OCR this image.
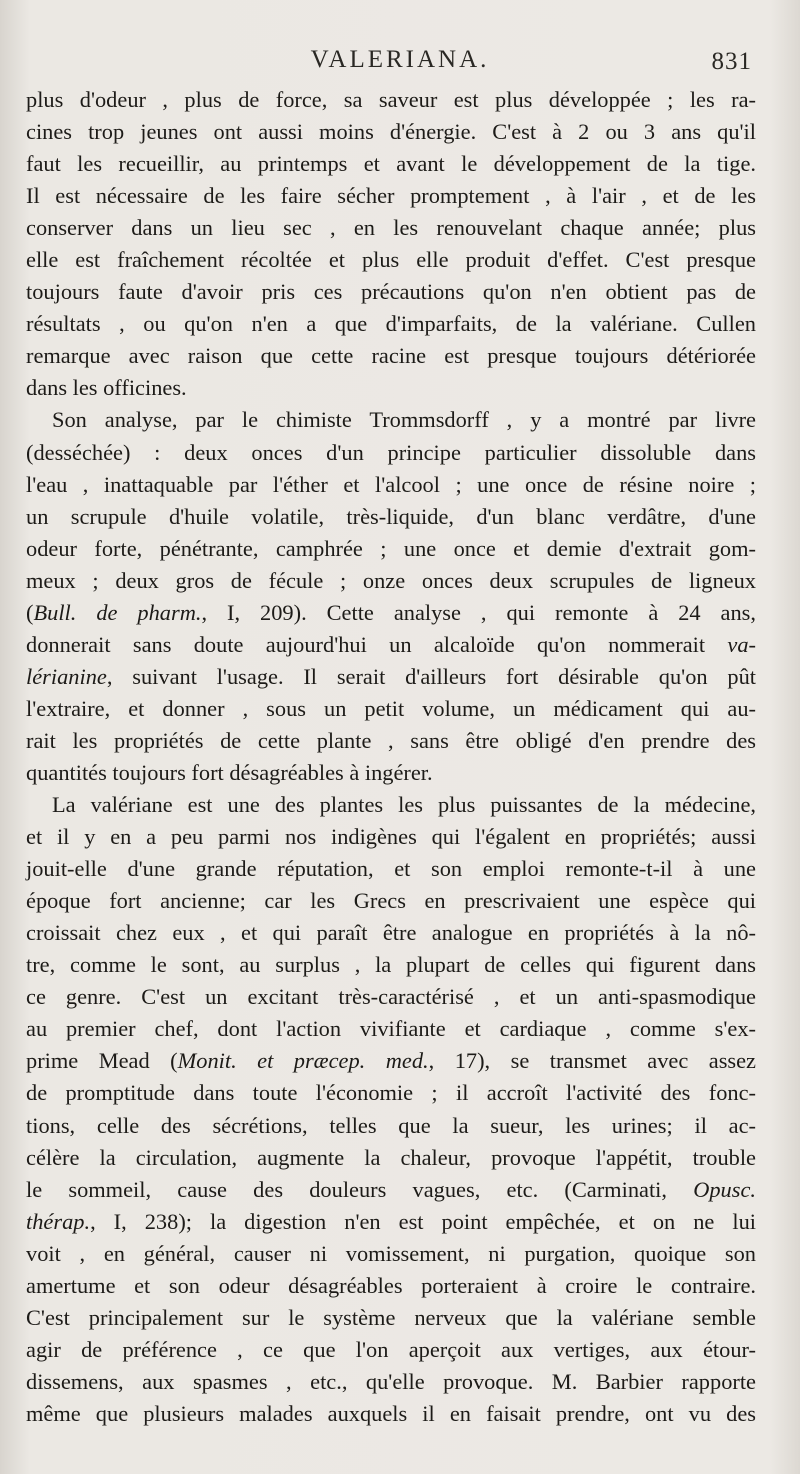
VALERIANA.	831
plus d'odeur , plus de force, sa saveur est plus développée ; les ra-
cines trop jeunes ont aussi moins d'énergie. C'est à 2 ou 3 ans qu'il
faut les recueillir, au printemps et avant le développement de la tige.
Il est nécessaire de les faire sécher promptement , à l'air , et de les
conserver dans un lieu sec , en les renouvelant chaque année; plus
elle est fraîchement récoltée et plus elle produit d'effet. C'est presque
toujours faute d'avoir pris ces précautions qu'on n'en obtient pas de
résultats , ou qu'on n'en a que d'imparfaits, de la valériane. Cullen
remarque avec raison que cette racine est presque toujours détériorée
dans les officines.
Son analyse, par le chimiste Trommsdorff , y a montré par livre
(desséchée) : deux onces d'un principe particulier dissoluble dans
l'eau , inattaquable par l'éther et l'alcool ; une once de résine noire ;
un scrupule d'huile volatile, très-liquide, d'un blanc verdâtre, d'une
odeur forte, pénétrante, camphrée ; une once et demie d'extrait gom-
meux ; deux gros de fécule ; onze onces deux scrupules de ligneux
(Bull. de pharm., I, 209). Cette analyse , qui remonte à 24 ans,
donnerait sans doute aujourd'hui un alcaloïde qu'on nommerait va-
lérianine, suivant l'usage. Il serait d'ailleurs fort désirable qu'on pût
l'extraire, et donner , sous un petit volume, un médicament qui au-
rait les propriétés de cette plante , sans être obligé d'en prendre des
quantités toujours fort désagréables à ingérer.
La valériane est une des plantes les plus puissantes de la médecine,
et il y en a peu parmi nos indigènes qui l'égalent en propriétés; aussi
jouit-elle d'une grande réputation, et son emploi remonte-t-il à une
époque fort ancienne; car les Grecs en prescrivaient une espèce qui
croissait chez eux , et qui paraît être analogue en propriétés à la nô-
tre, comme le sont, au surplus , la plupart de celles qui figurent dans
ce genre. C'est un excitant très-caractérisé , et un anti-spasmodique
au premier chef, dont l'action vivifiante et cardiaque , comme s'ex-
prime Mead (Monit. et præcep. med., 17), se transmet avec assez
de promptitude dans toute l'économie ; il accroît l'activité des fonc-
tions, celle des sécrétions, telles que la sueur, les urines; il ac-
célère la circulation, augmente la chaleur, provoque l'appétit, trouble
le sommeil, cause des douleurs vagues, etc. (Carminati, Opusc.
thérap., I, 238); la digestion n'en est point empêchée, et on ne lui
voit , en général, causer ni vomissement, ni purgation, quoique son
amertume et son odeur désagréables porteraient à croire le contraire.
C'est principalement sur le système nerveux que la valériane semble
agir de préférence , ce que l'on aperçoit aux vertiges, aux étour-
dissemens, aux spasmes , etc., qu'elle provoque. M. Barbier rapporte
même que plusieurs malades auxquels il en faisait prendre, ont vu des
